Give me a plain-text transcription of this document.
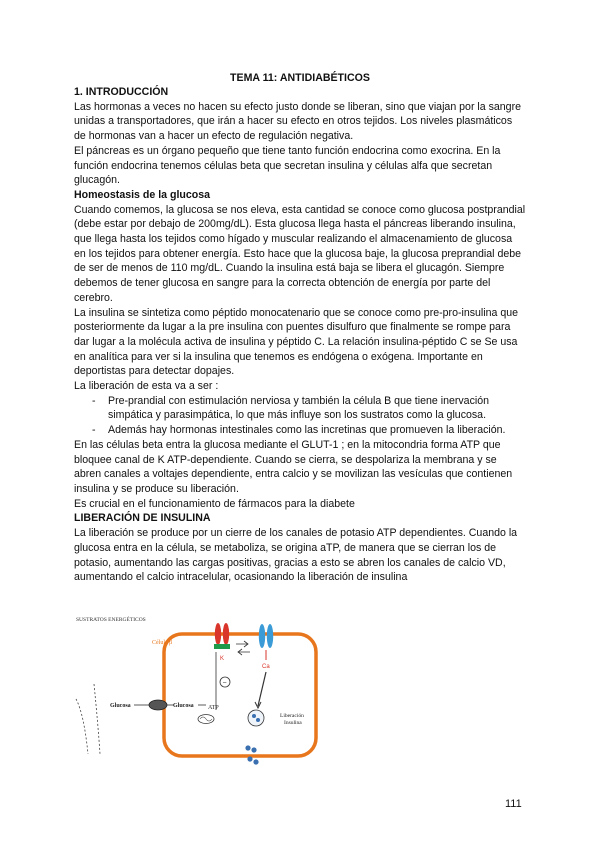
TEMA 11: ANTIDIABÉTICOS

1. INTRODUCCIÓN

Las hormonas a veces no hacen su efecto justo donde se liberan, sino que viajan por la sangre unidas a transportadores, que irán a hacer su efecto en otros tejidos. Los niveles plasmáticos de hormonas van a hacer un efecto de regulación negativa.

El páncreas es un órgano pequeño que tiene tanto función endocrina como exocrina. En la función endocrina tenemos células beta que secretan insulina y células alfa que secretan glucagón.

Homeostasis de la glucosa

Cuando comemos, la glucosa se nos eleva, esta cantidad se conoce como glucosa postprandial (debe estar por debajo de 200mg/dL). Esta glucosa llega hasta el páncreas liberando insulina, que llega hasta los tejidos como hígado y muscular realizando el almacenamiento de glucosa en los tejidos para obtener energía. Esto hace que la glucosa baje, la glucosa preprandial debe de ser de menos de 110 mg/dL. Cuando la insulina está baja se libera el glucagón. Siempre debemos de tener glucosa en sangre para la correcta obtención de energía por parte del cerebro.

La insulina se sintetiza como péptido monocatenario que se conoce como pre-pro-insulina que posteriormente da lugar a la pre insulina con puentes disulfuro que finalmente se rompe para dar lugar a la molécula activa de insulina y péptido C. La relación insulina-péptido C se Se usa en analítica para ver si la insulina que tenemos es endógena o exógena. Importante en deportistas para detectar dopajes.

La liberación de esta va a ser :

- Pre-prandial con estimulación nerviosa y también la célula B que tiene inervación simpática y parasimpática, lo que más influye son los sustratos como la glucosa.
- Además hay hormonas intestinales como las incretinas que promueven la liberación.

En las células beta entra la glucosa mediante el GLUT-1 ; en la mitocondria forma ATP que bloquee canal de K ATP-dependiente. Cuando se cierra, se despolariza la membrana y se abren canales a voltajes dependiente, entra calcio y se movilizan las vesículas que contienen insulina y se produce su liberación.

Es crucial en el funcionamiento de fármacos para la diabete

LIBERACIÓN DE INSULINA

La liberación se produce por un cierre de los canales de potasio ATP dependientes. Cuando la glucosa entra en la célula, se metaboliza, se origina aTP, de manera que se cierran los de potasio, aumentando las cargas positivas, gracias a esto se abren los canales de calcio VD, aumentando el calcio intracelular, ocasionando la liberación de insulina

SUSTRATOS ENERGÉTICOS
Célula β
K
Ca
−
Glucosa	Glucosa ATP
Liberación
Insulina
111
